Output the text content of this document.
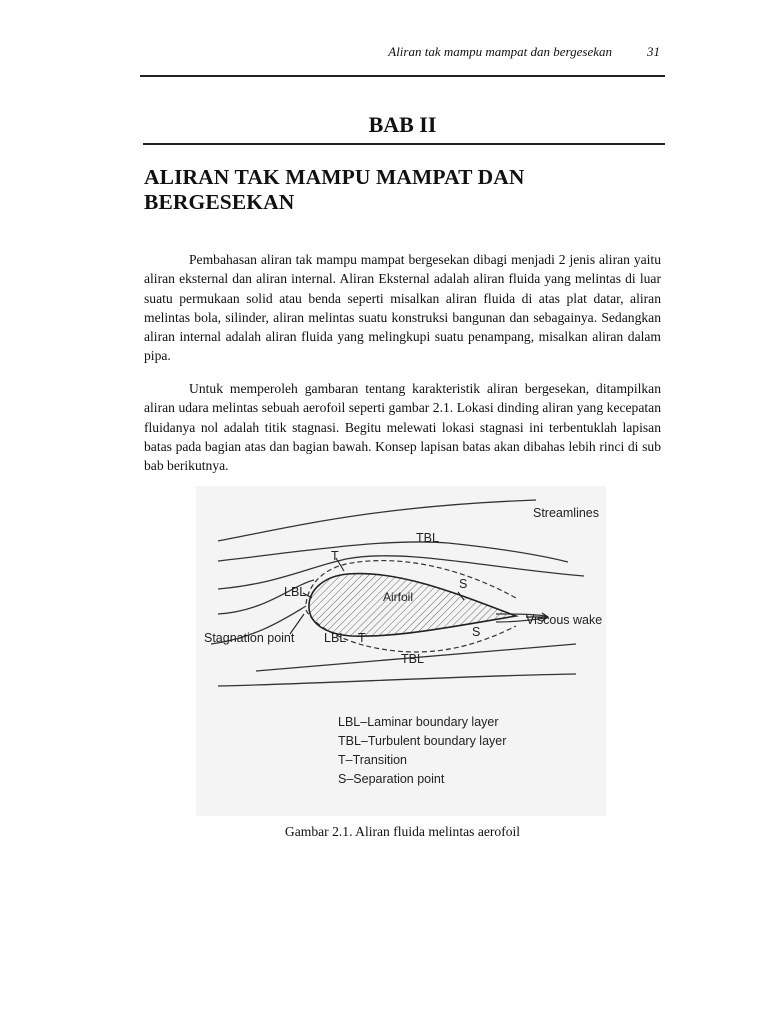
Aliran tak mampu mampat dan bergesekan	31
BAB II
ALIRAN TAK MAMPU MAMPAT DAN BERGESEKAN

Pembahasan aliran tak mampu mampat bergesekan dibagi menjadi 2 jenis aliran yaitu aliran eksternal dan aliran internal. Aliran Eksternal adalah aliran fluida yang melintas di luar suatu permukaan solid atau benda seperti misalkan aliran fluida di atas plat datar, aliran melintas bola, silinder, aliran melintas suatu konstruksi bangunan dan sebagainya. Sedangkan aliran internal adalah aliran fluida yang melingkupi suatu penampang, misalkan aliran dalam pipa.

Untuk memperoleh gambaran tentang karakteristik aliran bergesekan, ditampilkan aliran udara melintas sebuah aerofoil seperti gambar 2.1. Lokasi dinding aliran yang kecepatan fluidanya nol adalah titik stagnasi. Begitu melewati lokasi stagnasi ini terbentuklah lapisan batas pada bagian atas dan bagian bawah. Konsep lapisan batas akan dibahas lebih rinci di sub bab berikutnya.

Streamlines
TBL
T
S
LBL	Airfoil
Viscous wake
Stagnation point LBL T	S
TBL
LBL–Laminar boundary layer
TBL–Turbulent boundary layer
T–Transition
S–Separation point
Gambar 2.1. Aliran fluida melintas aerofoil
